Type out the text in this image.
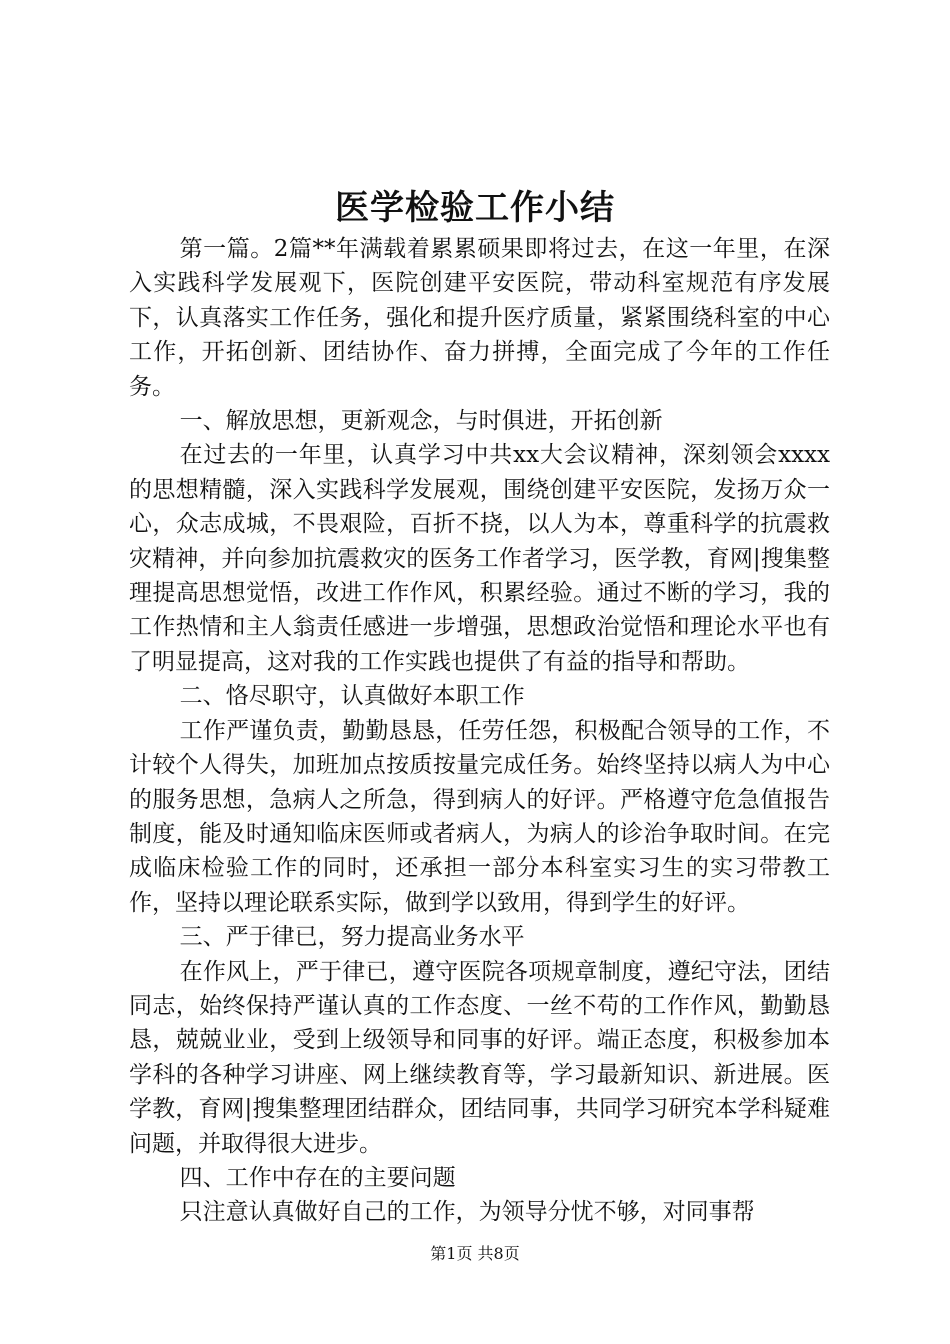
医学检验工作小结

第一篇。2篇**年满载着累累硕果即将过去，在这一年里，在深入实践科学发展观下，医院创建平安医院，带动科室规范有序发展下，认真落实工作任务，强化和提升医疗质量，紧紧围绕科室的中心工作，开拓创新、团结协作、奋力拼搏，全面完成了今年的工作任务。

一、解放思想，更新观念，与时俱进，开拓创新

在过去的一年里，认真学习中共xx大会议精神，深刻领会xxxx的思想精髓，深入实践科学发展观，围绕创建平安医院，发扬万众一心，众志成城，不畏艰险，百折不挠，以人为本，尊重科学的抗震救灾精神，并向参加抗震救灾的医务工作者学习，医学教，育网|搜集整理提高思想觉悟，改进工作作风，积累经验。通过不断的学习，我的工作热情和主人翁责任感进一步增强，思想政治觉悟和理论水平也有了明显提高，这对我的工作实践也提供了有益的指导和帮助。

二、恪尽职守，认真做好本职工作

工作严谨负责，勤勤恳恳，任劳任怨，积极配合领导的工作，不计较个人得失，加班加点按质按量完成任务。始终坚持以病人为中心的服务思想，急病人之所急，得到病人的好评。严格遵守危急值报告制度，能及时通知临床医师或者病人，为病人的诊治争取时间。在完成临床检验工作的同时，还承担一部分本科室实习生的实习带教工作，坚持以理论联系实际，做到学以致用，得到学生的好评。

三、严于律已，努力提高业务水平

在作风上，严于律已，遵守医院各项规章制度，遵纪守法，团结同志，始终保持严谨认真的工作态度、一丝不苟的工作作风，勤勤恳恳，兢兢业业，受到上级领导和同事的好评。端正态度，积极参加本学科的各种学习讲座、网上继续教育等，学习最新知识、新进展。医学教，育网|搜集整理团结群众，团结同事，共同学习研究本学科疑难问题，并取得很大进步。

四、工作中存在的主要问题

只注意认真做好自己的工作，为领导分忧不够，对同事帮

第1页 共8页
